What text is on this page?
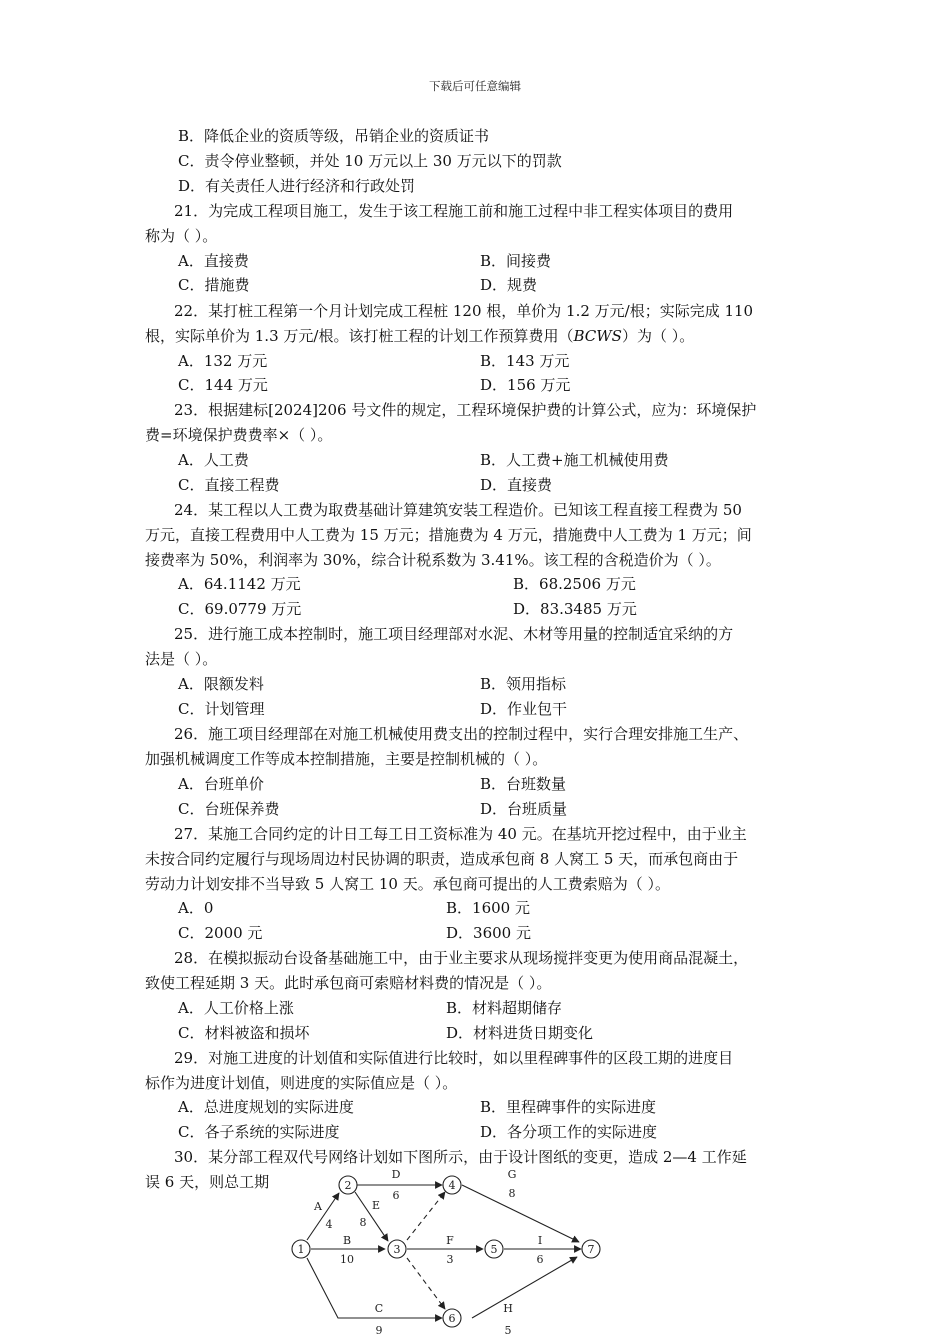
下载后可任意编辑
B．降低企业的资质等级，吊销企业的资质证书
C．责令停业整顿，并处 10 万元以上 30 万元以下的罚款
D．有关责任人进行经济和行政处罚
21．为完成工程项目施工，发生于该工程施工前和施工过程中非工程实体项目的费用
称为（ ）。
A．直接费	B．间接费
C．措施费	D．规费
22．某打桩工程第一个月计划完成工程桩 120 根，单价为 1.2 万元/根；实际完成 110
根，实际单价为 1.3 万元/根。该打桩工程的计划工作预算费用（BCWS）为（ ）。
A．132 万元	B．143 万元
C．144 万元	D．156 万元
23．根据建标[2024]206 号文件的规定，工程环境保护费的计算公式，应为：环境保护
费=环境保护费费率×（ ）。
A．人工费	B．人工费+施工机械使用费
C．直接工程费	D．直接费
24．某工程以人工费为取费基础计算建筑安装工程造价。已知该工程直接工程费为 50
万元，直接工程费用中人工费为 15 万元；措施费为 4 万元，措施费中人工费为 1 万元；间
接费率为 50%，利润率为 30%，综合计税系数为 3.41%。该工程的含税造价为（ ）。
A．64.1142 万元	B．68.2506 万元
C．69.0779 万元	D．83.3485 万元
25．进行施工成本控制时，施工项目经理部对水泥、木材等用量的控制适宜采纳的方
法是（ ）。
A．限额发料	B．领用指标
C．计划管理	D．作业包干
26．施工项目经理部在对施工机械使用费支出的控制过程中，实行合理安排施工生产、
加强机械调度工作等成本控制措施，主要是控制机械的（ ）。
A．台班单价	B．台班数量
C．台班保养费	D．台班质量
27．某施工合同约定的计日工每工日工资标准为 40 元。在基坑开挖过程中，由于业主
未按合同约定履行与现场周边村民协调的职责，造成承包商 8 人窝工 5 天，而承包商由于
劳动力计划安排不当导致 5 人窝工 10 天。承包商可提出的人工费索赔为（ ）。
A．0	B．1600 元
C．2000 元	D．3600 元
28．在模拟振动台设备基础施工中，由于业主要求从现场搅拌变更为使用商品混凝土，
致使工程延期 3 天。此时承包商可索赔材料费的情况是（ ）。
A．人工价格上涨	B．材料超期储存
C．材料被盗和损坏	D．材料进货日期变化
29．对施工进度的计划值和实际值进行比较时，如以里程碑事件的区段工期的进度目
标作为进度计划值，则进度的实际值应是（ ）。
A．总进度规划的实际进度	B．里程碑事件的实际进度
C．各子系统的实际进度	D．各分项工作的实际进度
30．某分部工程双代号网络计划如下图所示，由于设计图纸的变更，造成 2—4 工作延
误 6 天，则总工期
A
4
B
10
C
9
D
6
E
8
F
3
G
8
H
5
I
6
1
2
3
4
5
6
7
